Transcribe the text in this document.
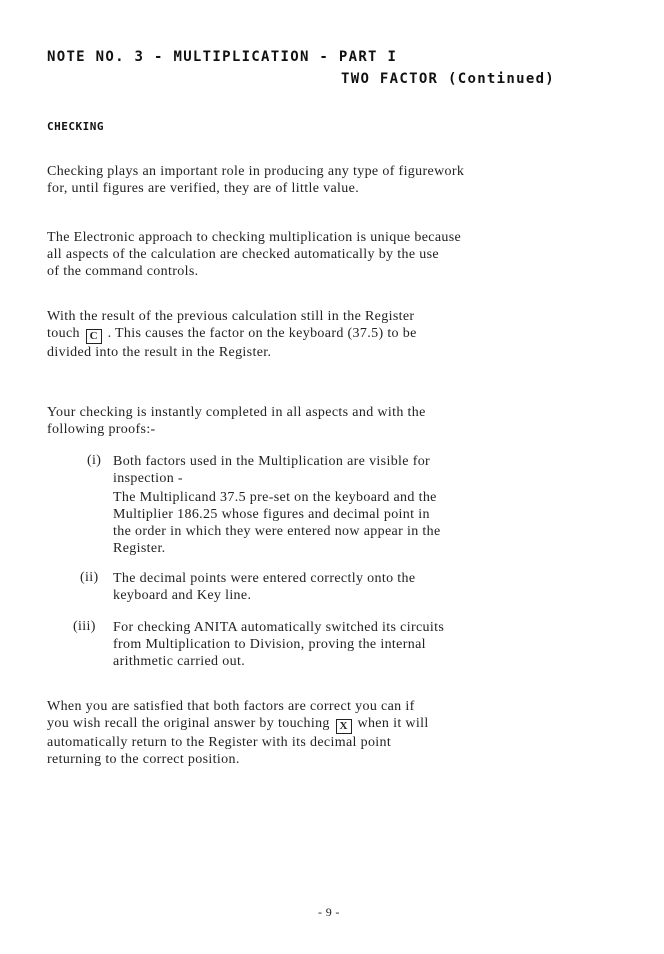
NOTE NO. 3 - MULTIPLICATION - PART I
TWO FACTOR (Continued)
CHECKING
Checking plays an important role in producing any type of figurework
for, until figures are verified, they are of little value.
The Electronic approach to checking multiplication is unique because
all aspects of the calculation are checked automatically by the use
of the command controls.
With the result of the previous calculation still in the Register
touch C . This causes the factor on the keyboard (37.5) to be
divided into the result in the Register.
Your checking is instantly completed in all aspects and with the
following proofs:-
(i) Both factors used in the Multiplication are visible for
inspection -
The Multiplicand 37.5 pre-set on the keyboard and the
Multiplier 186.25 whose figures and decimal point in
the order in which they were entered now appear in the
Register.
(ii) The decimal points were entered correctly onto the
keyboard and Key line.
(iii) For checking ANITA automatically switched its circuits
from Multiplication to Division, proving the internal
arithmetic carried out.
When you are satisfied that both factors are correct you can if
you wish recall the original answer by touching X when it will
automatically return to the Register with its decimal point
returning to the correct position.
- 9 -
